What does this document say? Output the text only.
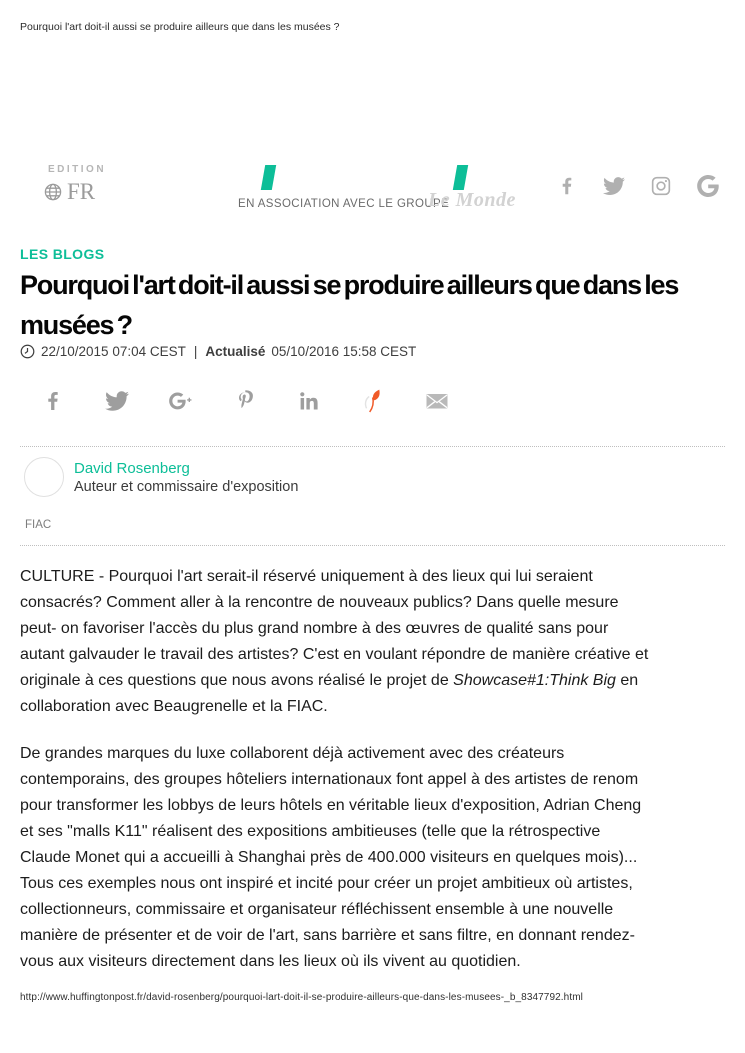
Pourquoi l'art doit-il aussi se produire ailleurs que dans les musées ?
EDITION
FR	EN ASSOCIATION AVEC LE GROUPE
Le Monde
LES BLOGS
Pourquoi l'art doit-il aussi se produire ailleurs que dans les musées ?
22/10/2015 07:04 CEST | Actualisé 05/10/2016 15:58 CEST
David Rosenberg
Auteur et commissaire d'exposition
FIAC

CULTURE - Pourquoi l'art serait-il réservé uniquement à des lieux qui lui seraient consacrés? Comment aller à la rencontre de nouveaux publics? Dans quelle mesure peut- on favoriser l'accès du plus grand nombre à des œuvres de qualité sans pour autant galvauder le travail des artistes? C'est en voulant répondre de manière créative et originale à ces questions que nous avons réalisé le projet de Showcase#1:Think Big en collaboration avec Beaugrenelle et la FIAC.

De grandes marques du luxe collaborent déjà activement avec des créateurs contemporains, des groupes hôteliers internationaux font appel à des artistes de renom pour transformer les lobbys de leurs hôtels en véritable lieux d'exposition, Adrian Cheng et ses "malls K11" réalisent des expositions ambitieuses (telle que la rétrospective Claude Monet qui a accueilli à Shanghai près de 400.000 visiteurs en quelques mois)... Tous ces exemples nous ont inspiré et incité pour créer un projet ambitieux où artistes, collectionneurs, commissaire et organisateur réfléchissent ensemble à une nouvelle manière de présenter et de voir de l'art, sans barrière et sans filtre, en donnant rendez-vous aux visiteurs directement dans les lieux où ils vivent au quotidien.

http://www.huffingtonpost.fr/david-rosenberg/pourquoi-lart-doit-il-se-produire-ailleurs-que-dans-les-musees-_b_8347792.html
